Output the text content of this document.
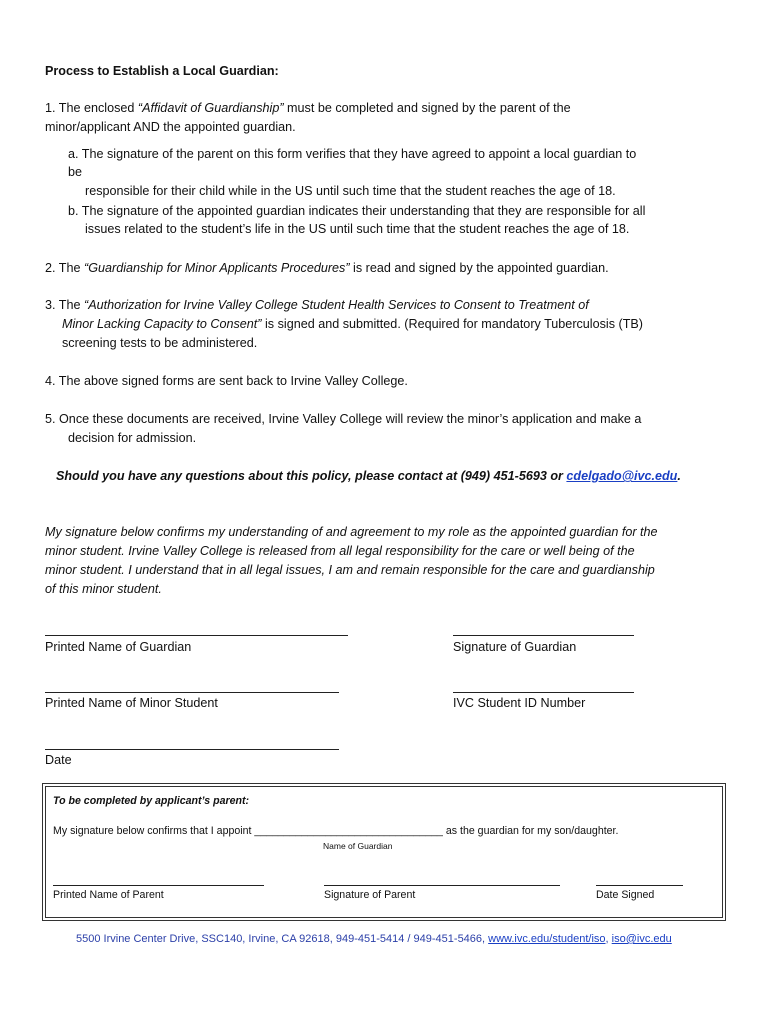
Process to Establish a Local Guardian:
1. The enclosed “Affidavit of Guardianship” must be completed and signed by the parent of the
minor/applicant AND the appointed guardian.
a. The signature of the parent on this form verifies that they have agreed to appoint a local guardian to
be
responsible for their child while in the US until such time that the student reaches the age of 18.
b. The signature of the appointed guardian indicates their understanding that they are responsible for all
issues related to the student’s life in the US until such time that the student reaches the age of 18.
2. The “Guardianship for Minor Applicants Procedures” is read and signed by the appointed guardian.
3. The “Authorization for Irvine Valley College Student Health Services to Consent to Treatment of
Minor Lacking Capacity to Consent” is signed and submitted. (Required for mandatory Tuberculosis (TB)
screening tests to be administered.
4. The above signed forms are sent back to Irvine Valley College.
5. Once these documents are received, Irvine Valley College will review the minor’s application and make a
decision for admission.
Should you have any questions about this policy, please contact at (949) 451-5693 or cdelgado@ivc.edu.
My signature below confirms my understanding of and agreement to my role as the appointed guardian for the
minor student. Irvine Valley College is released from all legal responsibility for the care or well being of the
minor student. I understand that in all legal issues, I am and remain responsible for the care and guardianship
of this minor student.
Printed Name of Guardian	Signature of Guardian
Printed Name of Minor Student	IVC Student ID Number
Date
To be completed by applicant’s parent:
My signature below confirms that I appoint ________________________________ as the guardian for my son/daughter.
Name of Guardian
Printed Name of Parent	Signature of Parent	Date Signed
5500 Irvine Center Drive, SSC140, Irvine, CA 92618, 949-451-5414 / 949-451-5466, www.ivc.edu/student/iso, iso@ivc.edu
